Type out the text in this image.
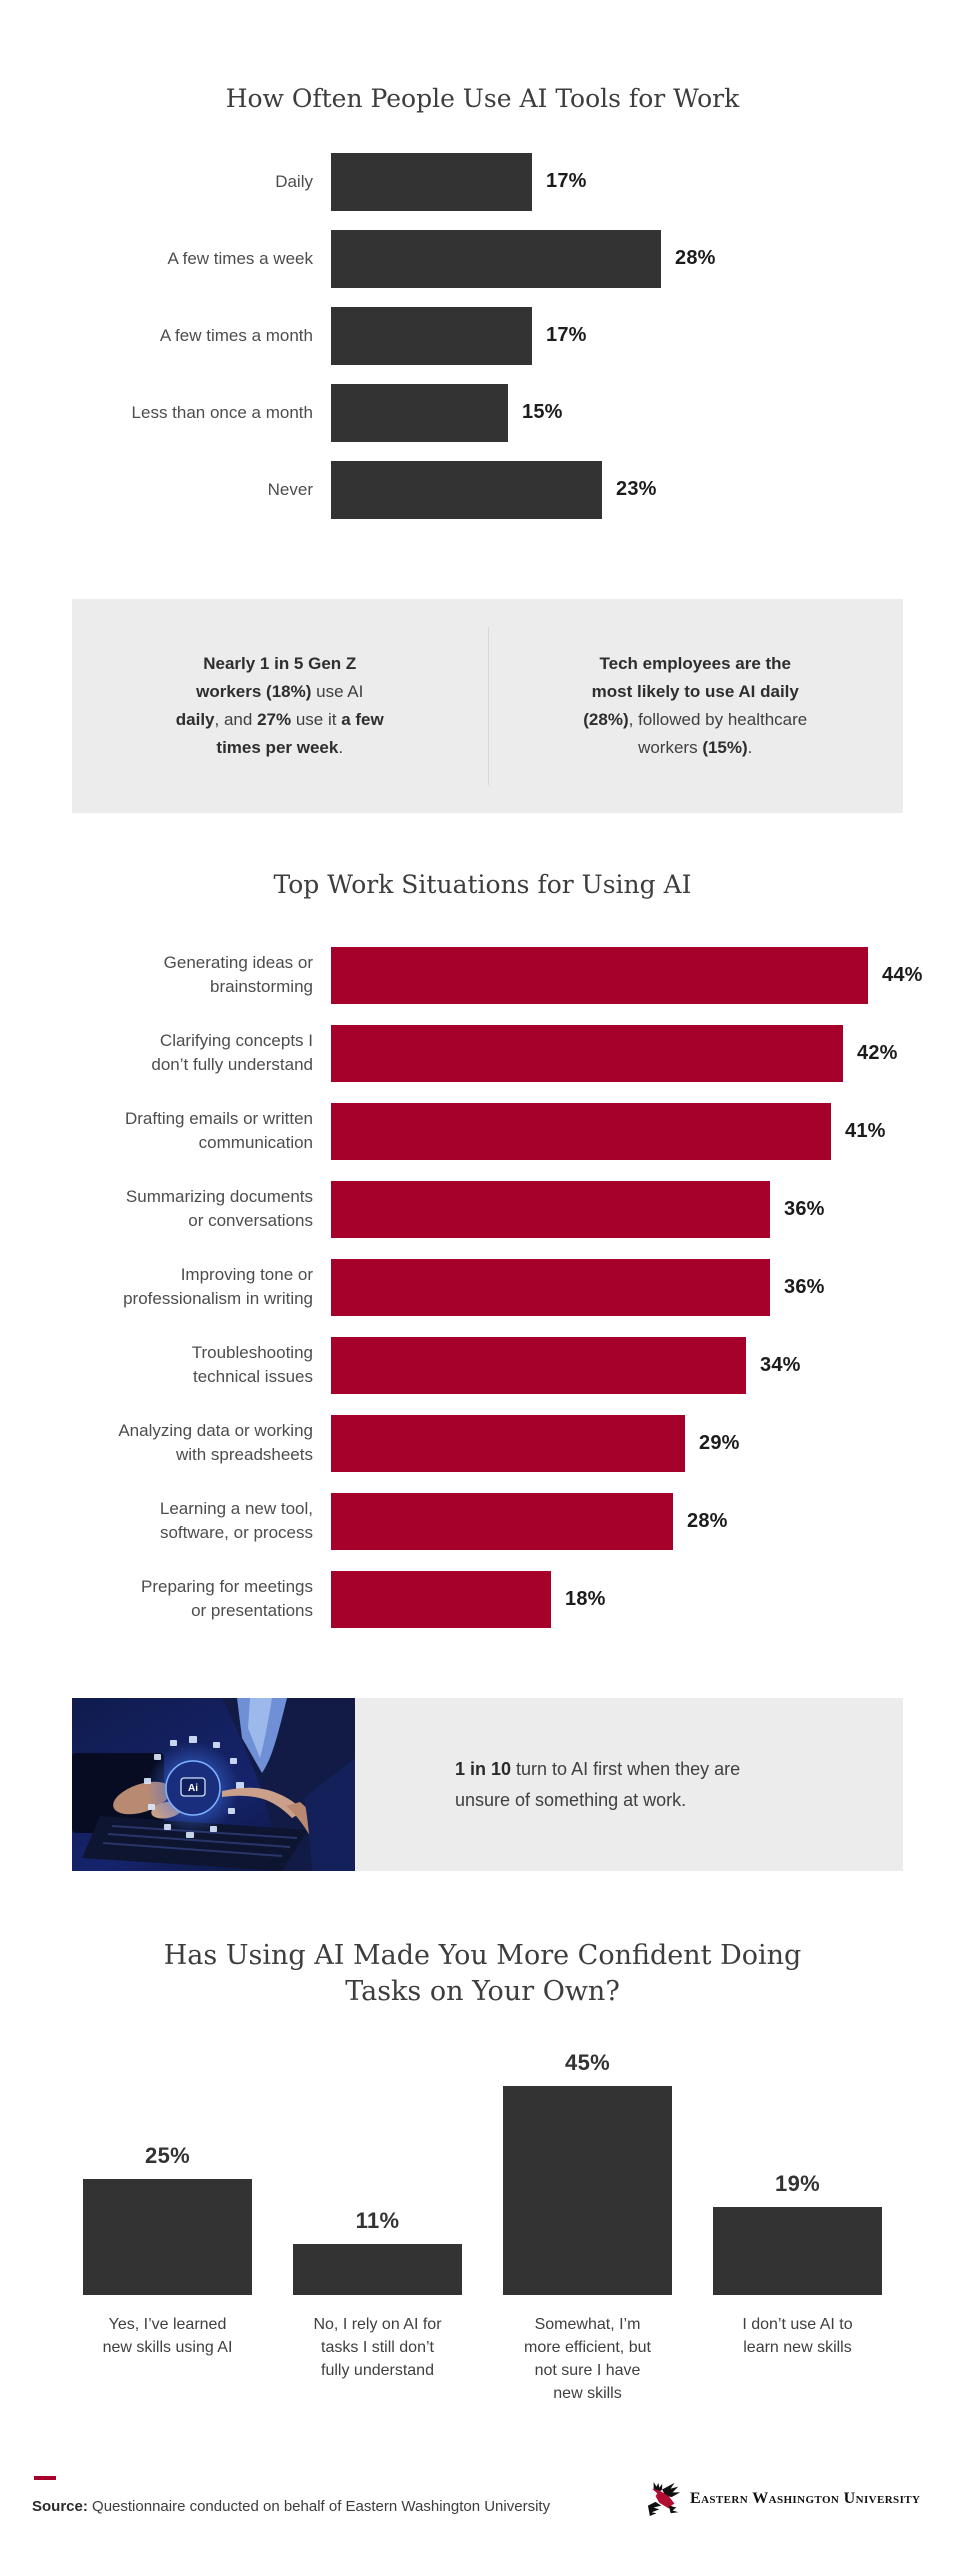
How Often People Use AI Tools for Work
Daily	17%
A few times a week	28%
A few times a month	17%
Less than once a month	15%
Never	23%
Nearly 1 in 5 Gen Z
workers (18%) use AI
daily, and 27% use it a few
times per week.
Tech employees are the
most likely to use AI daily
(28%), followed by healthcare
workers (15%).
Top Work Situations for Using AI
Generating ideas or
brainstorming
44%
Clarifying concepts I
don’t fully understand
42%
Drafting emails or written
communication
41%
Summarizing documents
or conversations
36%
Improving tone or
professionalism in writing
36%
Troubleshooting
technical issues
34%
Analyzing data or working
with spreadsheets
29%
Learning a new tool,
software, or process
28%
Preparing for meetings
or presentations
18%
Ai
1 in 10 turn to AI first when they are
unsure of something at work.
Has Using AI Made You More Confident Doing
Tasks on Your Own?
25%
11%
45%
19%
Yes, I’ve learned
new skills using AI
No, I rely on AI for
tasks I still don’t
fully understand
Somewhat, I’m
more efficient, but
not sure I have
new skills
I don’t use AI to
learn new skills
Source: Questionnaire conducted on behalf of Eastern Washington University	Eastern Washington University
